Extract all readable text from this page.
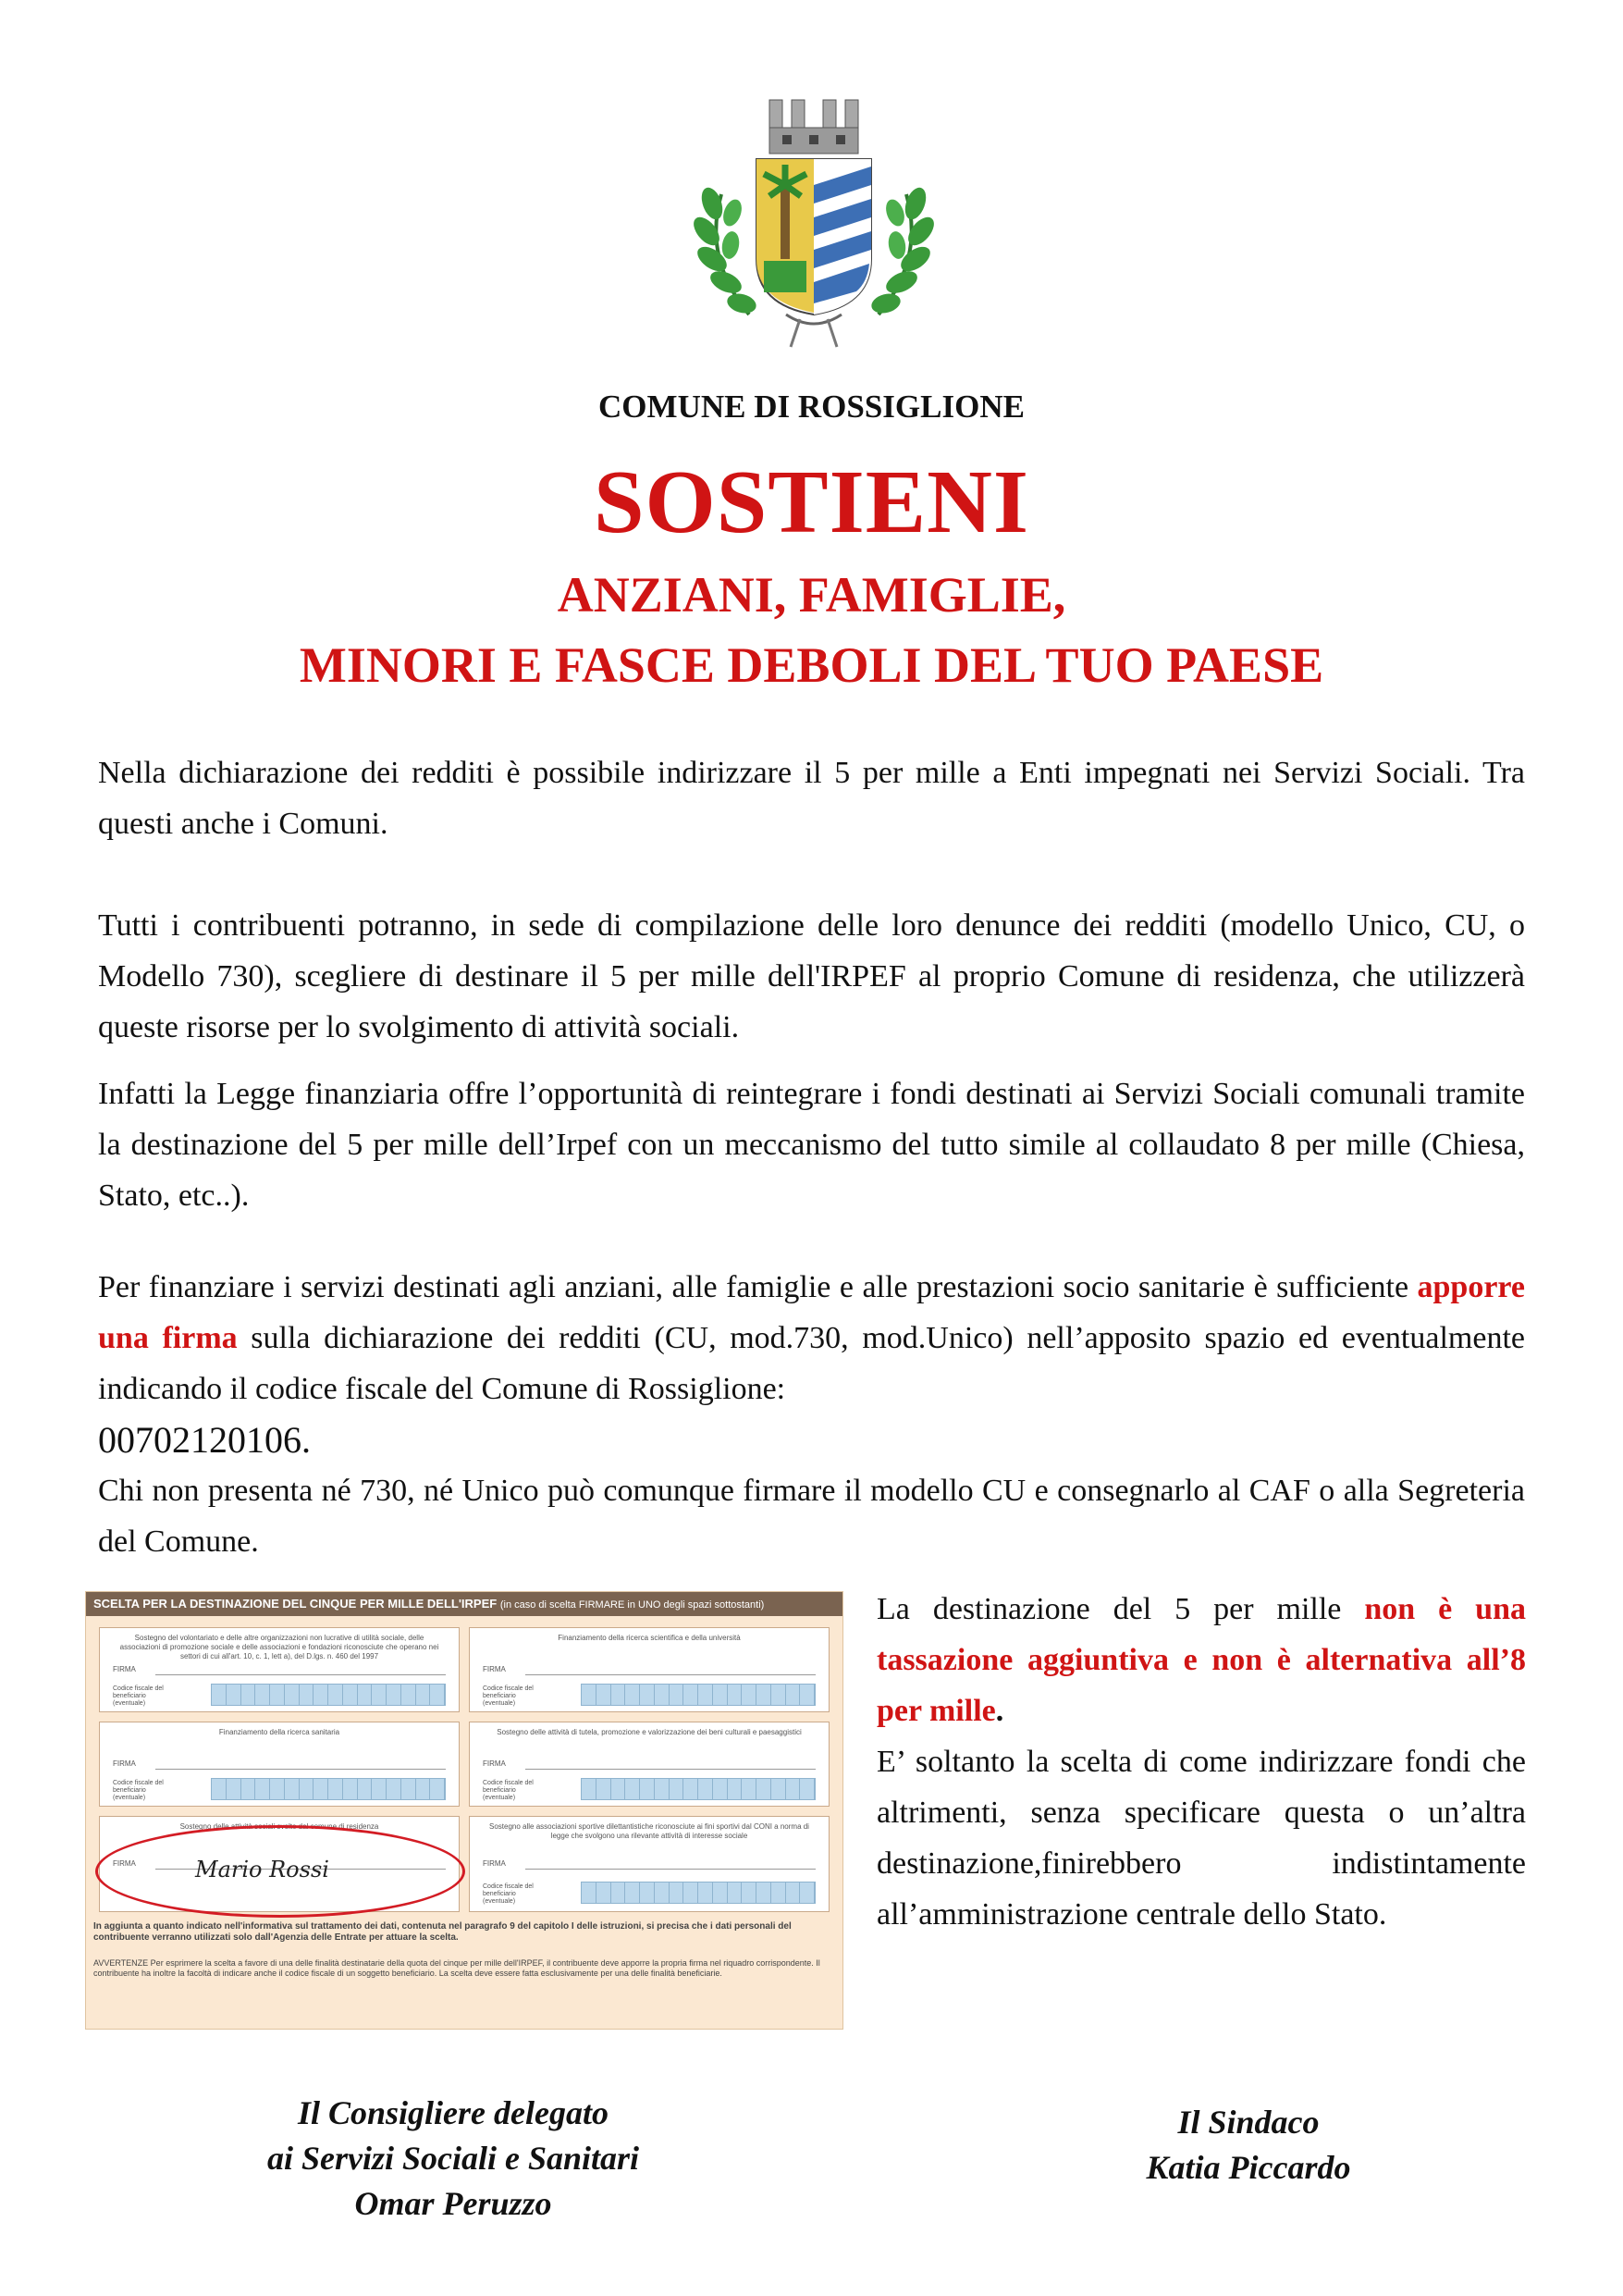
COMUNE DI ROSSIGLIONE
SOSTIENI
ANZIANI, FAMIGLIE,
MINORI E FASCE DEBOLI DEL TUO PAESE

Nella dichiarazione dei redditi è possibile indirizzare il 5 per mille a Enti impegnati nei Servizi Sociali. Tra questi anche i Comuni.

Tutti i contribuenti potranno, in sede di compilazione delle loro denunce dei redditi (modello Unico, CU, o Modello 730), scegliere di destinare il 5 per mille dell'IRPEF al proprio Comune di residenza, che utilizzerà queste risorse per lo svolgimento di attività sociali.

Infatti la Legge finanziaria offre l’opportunità di reintegrare i fondi destinati ai Servizi Sociali comunali tramite la destinazione del 5 per mille dell’Irpef con un meccanismo del tutto simile al collaudato 8 per mille (Chiesa, Stato, etc..).

Per finanziare i servizi destinati agli anziani, alle famiglie e alle prestazioni socio sanitarie è sufficiente apporre una firma sulla dichiarazione dei redditi (CU, mod.730, mod.Unico) nell’apposito spazio ed eventualmente indicando il codice fiscale del Comune di Rossiglione:

00702120106.

Chi non presenta né 730, né Unico può comunque firmare il modello CU e consegnarlo al CAF o alla Segreteria del Comune.

SCELTA PER LA DESTINAZIONE DEL CINQUE PER MILLE DELL'IRPEF (in caso di scelta FIRMARE in UNO degli spazi sottostanti)
Sostegno del volontariato e delle altre organizzazioni non lucrative di utilità sociale, delle associazioni di promozione sociale e delle associazioni e fondazioni riconosciute che operano nei settori di cui all'art. 10, c. 1, lett a), del D.lgs. n. 460 del 1997
FIRMA
Codice fiscale del beneficiario (eventuale)
Finanziamento della ricerca scientifica e della università
FIRMA
Codice fiscale del beneficiario (eventuale)
Finanziamento della ricerca sanitaria
FIRMA
Codice fiscale del beneficiario (eventuale)
Sostegno delle attività di tutela, promozione e valorizzazione dei beni culturali e paesaggistici
FIRMA
Codice fiscale del beneficiario (eventuale)
Sostegno delle attività sociali svolte dal comune di residenza
FIRMA
Sostegno alle associazioni sportive dilettantistiche riconosciute ai fini sportivi dal CONI a norma di legge che svolgono una rilevante attività di interesse sociale
FIRMA
Codice fiscale del beneficiario (eventuale)
Mario Rossi
In aggiunta a quanto indicato nell'informativa sul trattamento dei dati, contenuta nel paragrafo 9 del capitolo I delle istruzioni, si precisa che i dati personali del contribuente verranno utilizzati solo dall'Agenzia delle Entrate per attuare la scelta.
AVVERTENZE Per esprimere la scelta a favore di una delle finalità destinatarie della quota del cinque per mille dell'IRPEF, il contribuente deve apporre la propria firma nel riquadro corrispondente. Il contribuente ha inoltre la facoltà di indicare anche il codice fiscale di un soggetto beneficiario. La scelta deve essere fatta esclusivamente per una delle finalità beneficiarie.

La destinazione del 5 per mille non è una tassazione aggiuntiva e non è alternativa all’8 per mille.

E’ soltanto la scelta di come indirizzare fondi che altrimenti, senza specificare questa o un’altra destinazione,finirebbero indistintamente all’amministrazione centrale dello Stato.

Il Consigliere delegato
ai Servizi Sociali e Sanitari
Omar Peruzzo
Il Sindaco
Katia Piccardo
